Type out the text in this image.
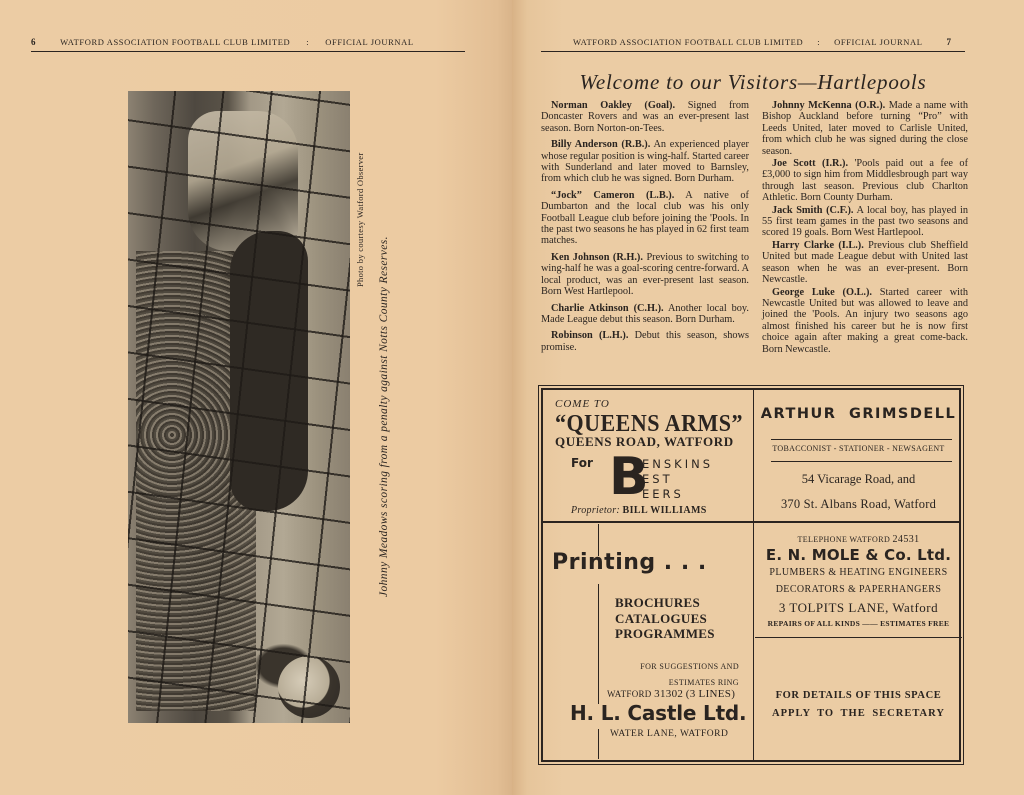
6	WATFORD ASSOCIATION FOOTBALL CLUB LIMITED : OFFICIAL JOURNAL
Photo by courtesy Watford Observer
Johnny Meadows scoring from a penalty against Notts County Reserves.
WATFORD ASSOCIATION FOOTBALL CLUB LIMITED : OFFICIAL JOURNAL	7
Welcome to our Visitors—Hartlepools

Norman Oakley (Goal). Signed from Doncaster Rovers and was an ever-present last season. Born Norton-on-Tees.

Billy Anderson (R.B.). An experienced player whose regular position is wing-half. Started career with Sunderland and later moved to Barnsley, from which club he was signed. Born Durham.

“Jock” Cameron (L.B.). A native of Dumbarton and the local club was his only Football League club before joining the 'Pools. In the past two seasons he has played in 62 first team matches.

Ken Johnson (R.H.). Previous to switching to wing-half he was a goal-scoring centre-forward. A local product, was an ever-present last season. Born West Hartlepool.

Charlie Atkinson (C.H.). Another local boy. Made League debut this season. Born Durham.

Robinson (L.H.). Debut this season, shows promise.

Johnny McKenna (O.R.). Made a name with Bishop Auckland before turning “Pro” with Leeds United, later moved to Carlisle United, from which club he was signed during the close season.

Joe Scott (I.R.). 'Pools paid out a fee of £3,000 to sign him from Middlesbrough part way through last season. Previous club Charlton Athletic. Born County Durham.

Jack Smith (C.F.). A local boy, has played in 55 first team games in the past two seasons and scored 19 goals. Born West Hartlepool.

Harry Clarke (I.L.). Previous club Sheffield United but made League debut with United last season when he was an ever-present. Born Newcastle.

George Luke (O.L.). Started career with Newcastle United but was allowed to leave and joined the 'Pools. An injury two seasons ago almost finished his career but he is now first choice again after making a great come-back. Born Newcastle.

COME TO
“QUEENS ARMS”
QUEENS ROAD, WATFORD
For B
ENSKINS
EST
EERS
Proprietor: BILL WILLIAMS
ARTHUR GRIMSDELL
TOBACCONIST - STATIONER - NEWSAGENT
54 Vicarage Road, and
370 St. Albans Road, Watford
Printing . . .
BROCHURES
CATALOGUES
PROGRAMMES
FOR SUGGESTIONS AND
ESTIMATES RING
WATFORD 31302 (3 LINES)
H. L. Castle Ltd.
WATER LANE, WATFORD
TELEPHONE WATFORD 24531
E. N. MOLE & Co. Ltd.
PLUMBERS & HEATING ENGINEERS
DECORATORS & PAPERHANGERS
3 TOLPITS LANE, Watford
REPAIRS OF ALL KINDS —— ESTIMATES FREE
FOR DETAILS OF THIS SPACE
APPLY TO THE SECRETARY
